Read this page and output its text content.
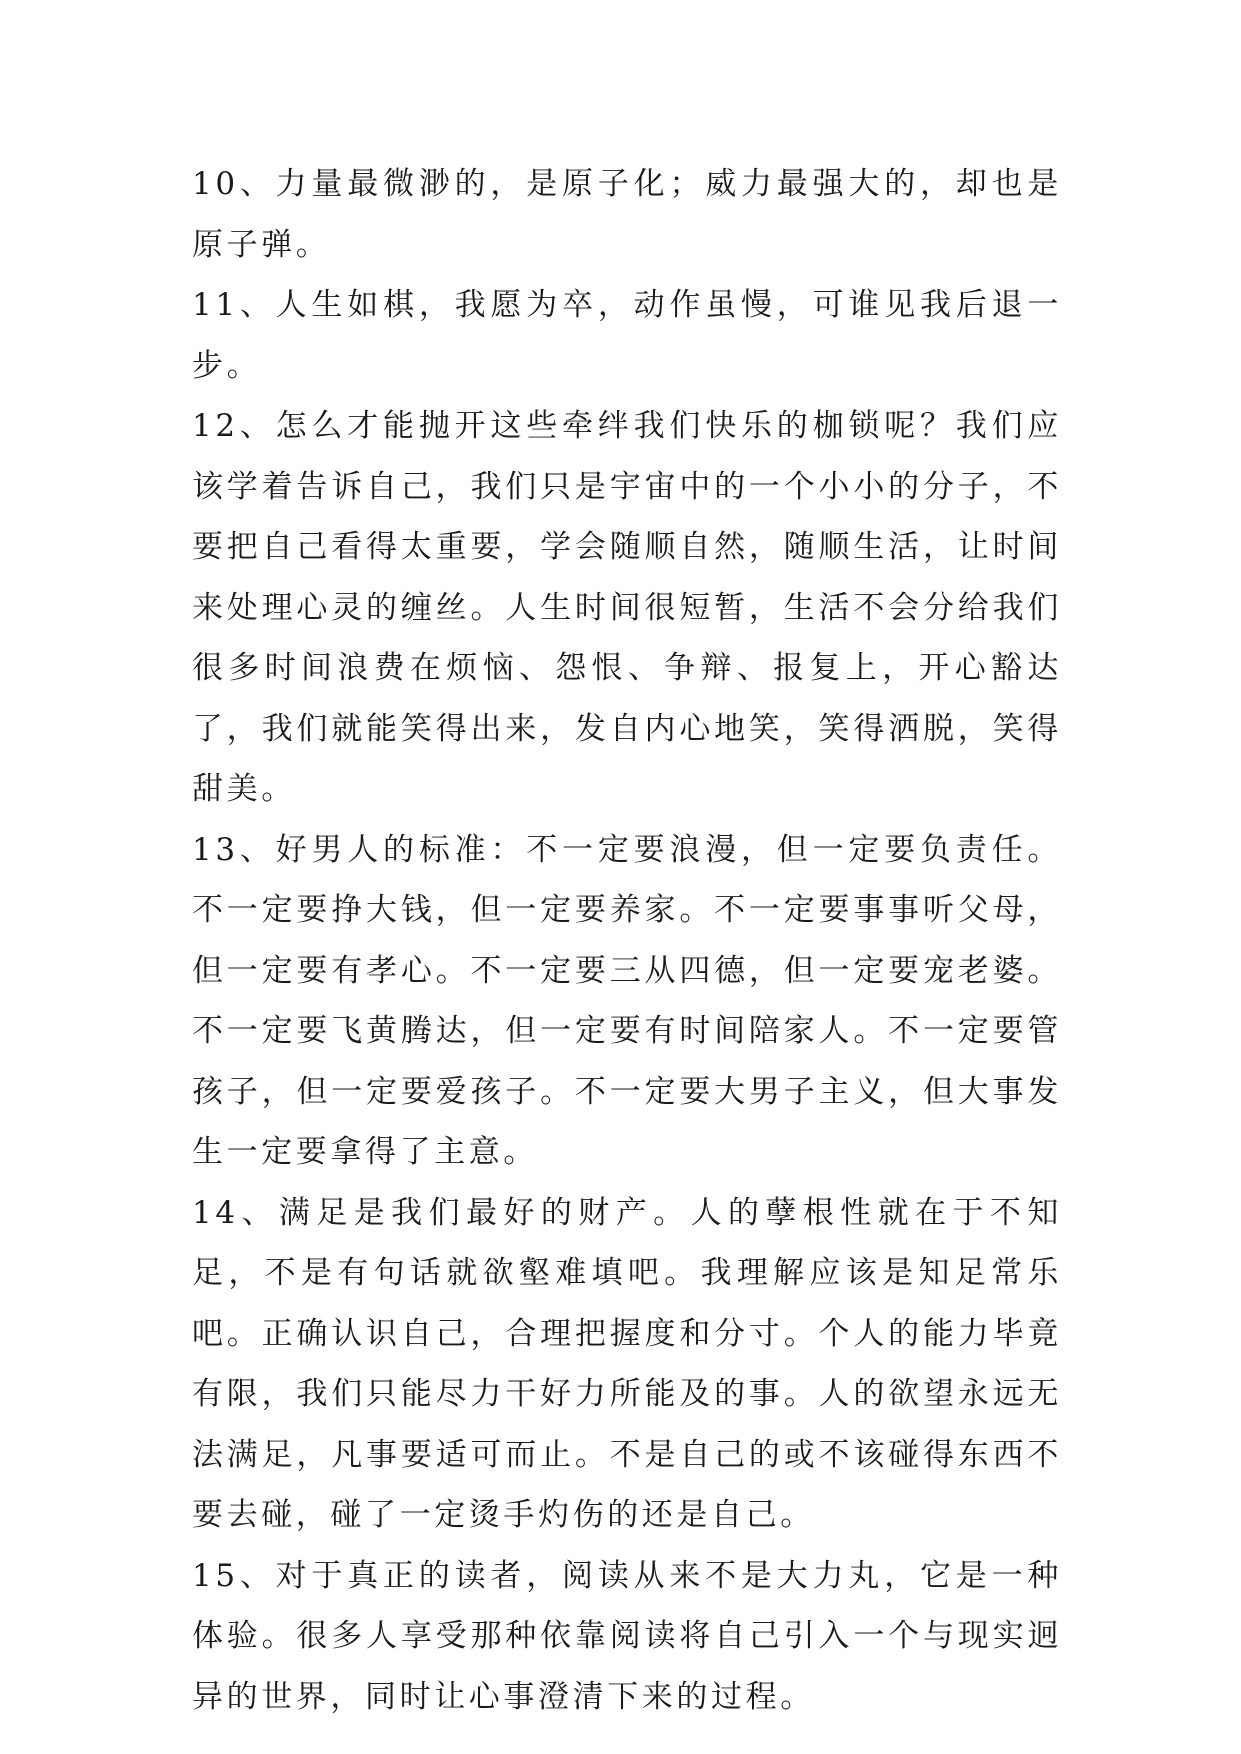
10、力量最微渺的，是原子化；威力最强大的，却也是原子弹。

11、人生如棋，我愿为卒，动作虽慢，可谁见我后退一步。

12、怎么才能抛开这些牵绊我们快乐的枷锁呢？我们应该学着告诉自己，我们只是宇宙中的一个小小的分子，不要把自己看得太重要，学会随顺自然，随顺生活，让时间来处理心灵的缠丝。人生时间很短暂，生活不会分给我们很多时间浪费在烦恼、怨恨、争辩、报复上，开心豁达了，我们就能笑得出来，发自内心地笑，笑得洒脱，笑得甜美。

13、好男人的标准：不一定要浪漫，但一定要负责任。不一定要挣大钱，但一定要养家。不一定要事事听父母，但一定要有孝心。不一定要三从四德，但一定要宠老婆。不一定要飞黄腾达，但一定要有时间陪家人。不一定要管孩子，但一定要爱孩子。不一定要大男子主义，但大事发生一定要拿得了主意。

14、满足是我们最好的财产。人的孽根性就在于不知足，不是有句话就欲壑难填吧。我理解应该是知足常乐吧。正确认识自己，合理把握度和分寸。个人的能力毕竟有限，我们只能尽力干好力所能及的事。人的欲望永远无法满足，凡事要适可而止。不是自己的或不该碰得东西不要去碰，碰了一定烫手灼伤的还是自己。

15、对于真正的读者，阅读从来不是大力丸，它是一种体验。很多人享受那种依靠阅读将自己引入一个与现实迥异的世界，同时让心事澄清下来的过程。
